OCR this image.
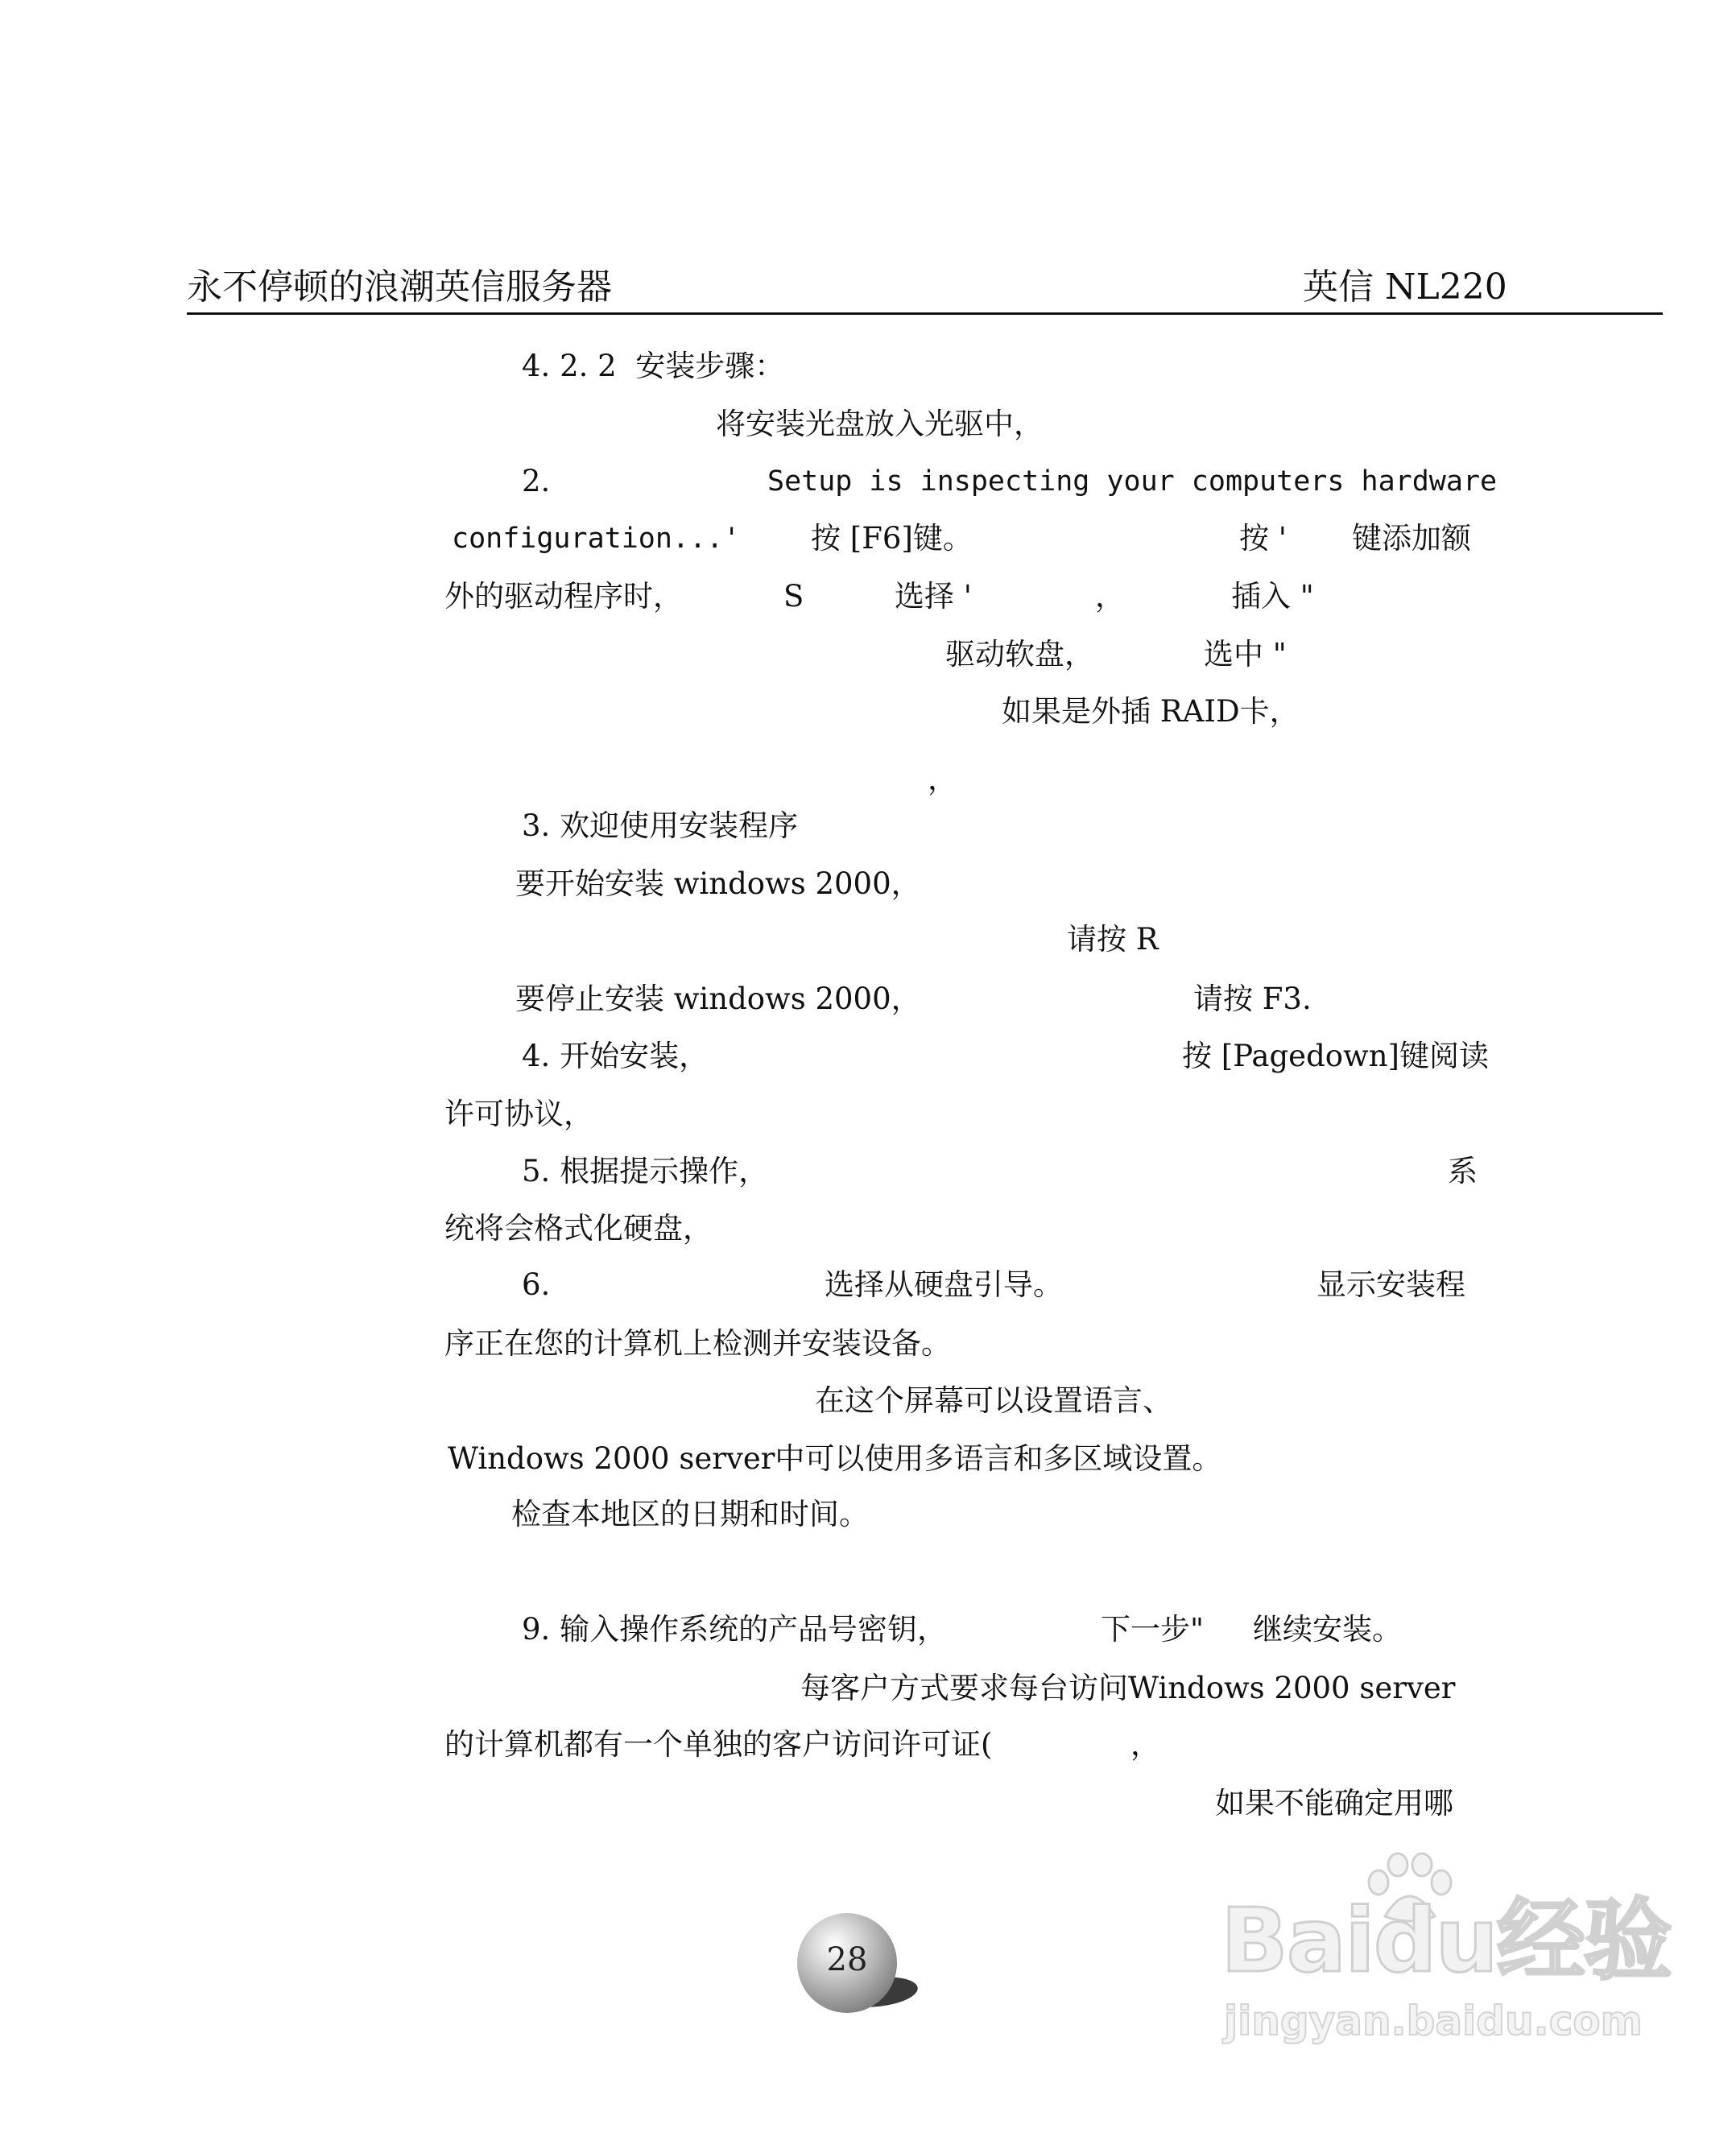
永不停顿的浪潮英信服务器	英信 NL220
4. 2. 2  安装步骤：
将安装光盘放入光驱中，
2.	Setup is inspecting your computers hardware
configuration...' 按 [F6]键。	按 ' 键添加额
外的驱动程序时，	S	选择 '	，	插入 "
驱动软盘，	选中 "
如果是外插 RAID卡，
，
3. 欢迎使用安装程序
要开始安装 windows 2000，
请按 R
要停止安装 windows 2000，	请按 F3.
4. 开始安装，	按 [Pagedown]键阅读
许可协议，
5. 根据提示操作，	系
统将会格式化硬盘，
6.	选择从硬盘引导。	显示安装程
序正在您的计算机上检测并安装设备。
在这个屏幕可以设置语言、
Windows 2000 server中可以使用多语言和多区域设置。
检查本地区的日期和时间。
9. 输入操作系统的产品号密钥，	下一步" 继续安装。
每客户方式要求每台访问Windows 2000 server
的计算机都有一个单独的客户访问许可证(	，
如果不能确定用哪
28	Baidu经验
jingyan.baidu.com
